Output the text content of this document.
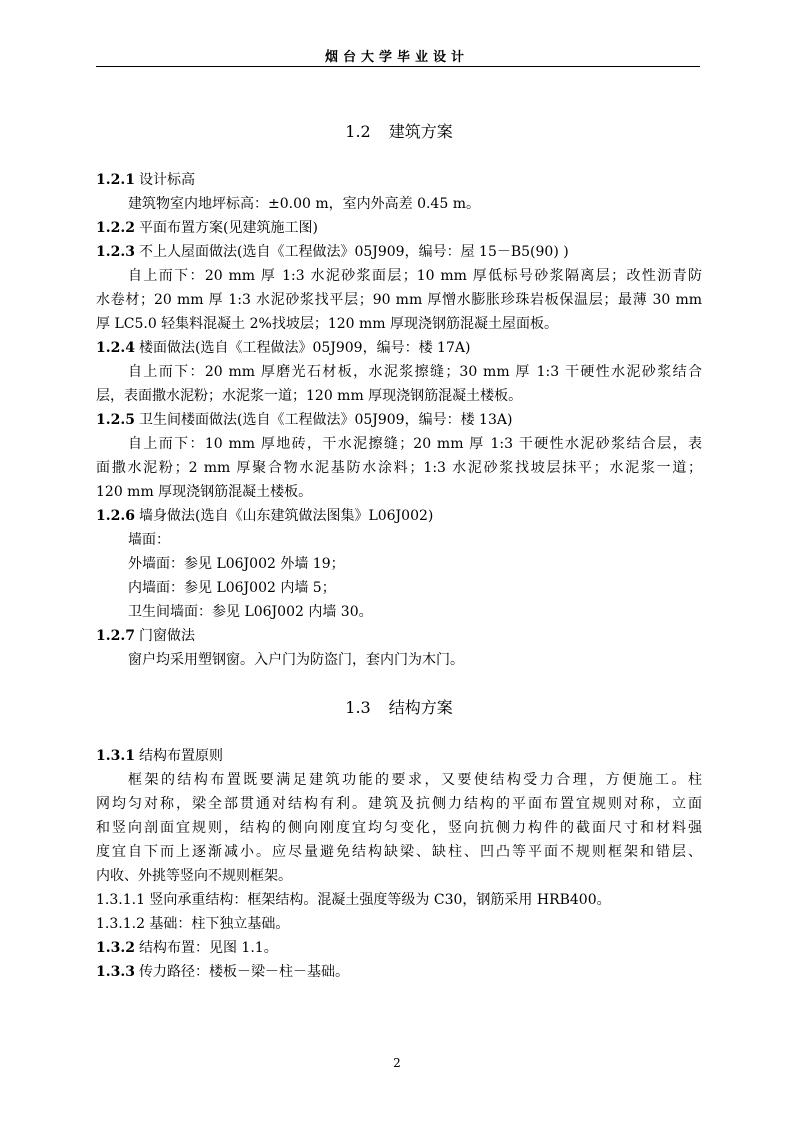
烟台大学毕业设计
1.2 建筑方案
1.2.1 设计标高
建筑物室内地坪标高：±0.00 m，室内外高差 0.45 m。
1.2.2 平面布置方案(见建筑施工图)
1.2.3 不上人屋面做法(选自《工程做法》05J909，编号：屋 15－B5(90) )
自上而下：20 mm 厚 1:3 水泥砂浆面层；10 mm 厚低标号砂浆隔离层；改性沥青防
水卷材；20 mm 厚 1:3 水泥砂浆找平层；90 mm 厚憎水膨胀珍珠岩板保温层；最薄 30 mm
厚 LC5.0 轻集料混凝土 2%找坡层；120 mm 厚现浇钢筋混凝土屋面板。
1.2.4 楼面做法(选自《工程做法》05J909，编号：楼 17A)
自上而下：20 mm 厚磨光石材板，水泥浆擦缝；30 mm 厚 1:3 干硬性水泥砂浆结合
层，表面撒水泥粉；水泥浆一道；120 mm 厚现浇钢筋混凝土楼板。
1.2.5 卫生间楼面做法(选自《工程做法》05J909，编号：楼 13A)
自上而下：10 mm 厚地砖，干水泥擦缝；20 mm 厚 1:3 干硬性水泥砂浆结合层，表
面撒水泥粉；2 mm 厚聚合物水泥基防水涂料；1:3 水泥砂浆找坡层抹平；水泥浆一道；
120 mm 厚现浇钢筋混凝土楼板。
1.2.6 墙身做法(选自《山东建筑做法图集》L06J002)
墙面：
外墙面：参见 L06J002 外墙 19；
内墙面：参见 L06J002 内墙 5；
卫生间墙面：参见 L06J002 内墙 30。
1.2.7 门窗做法
窗户均采用塑钢窗。入户门为防盗门，套内门为木门。
1.3 结构方案
1.3.1 结构布置原则
框架的结构布置既要满足建筑功能的要求，又要使结构受力合理，方便施工。柱
网均匀对称，梁全部贯通对结构有利。建筑及抗侧力结构的平面布置宜规则对称，立面
和竖向剖面宜规则，结构的侧向刚度宜均匀变化，竖向抗侧力构件的截面尺寸和材料强
度宜自下而上逐渐减小。应尽量避免结构缺梁、缺柱、凹凸等平面不规则框架和错层、
内收、外挑等竖向不规则框架。
1.3.1.1 竖向承重结构：框架结构。混凝土强度等级为 C30，钢筋采用 HRB400。
1.3.1.2 基础：柱下独立基础。
1.3.2 结构布置：见图 1.1。
1.3.3 传力路径：楼板－梁－柱－基础。
2
